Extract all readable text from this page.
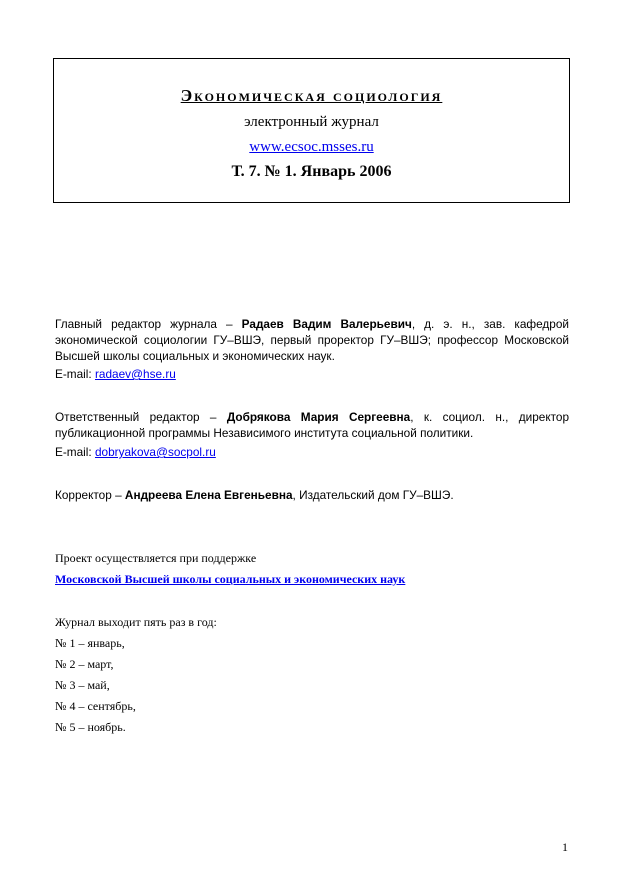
Экономическая социология
электронный журнал
www.ecsoc.msses.ru
Т. 7. № 1. Январь 2006
Главный редактор журнала – Радаев Вадим Валерьевич, д. э. н., зав. кафедрой экономической социологии ГУ–ВШЭ, первый проректор ГУ–ВШЭ; профессор Московской Высшей школы социальных и экономических наук.
E-mail: radaev@hse.ru
Ответственный редактор – Добрякова Мария Сергеевна, к. социол. н., директор публикационной программы Независимого института социальной политики.
E-mail: dobryakova@socpol.ru
Корректор – Андреева Елена Евгеньевна, Издательский дом ГУ–ВШЭ.
Проект осуществляется при поддержке
Московской Высшей школы социальных и экономических наук
Журнал выходит пять раз в год:
№ 1 – январь,
№ 2 – март,
№ 3 – май,
№ 4 – сентябрь,
№ 5 – ноябрь.
1
